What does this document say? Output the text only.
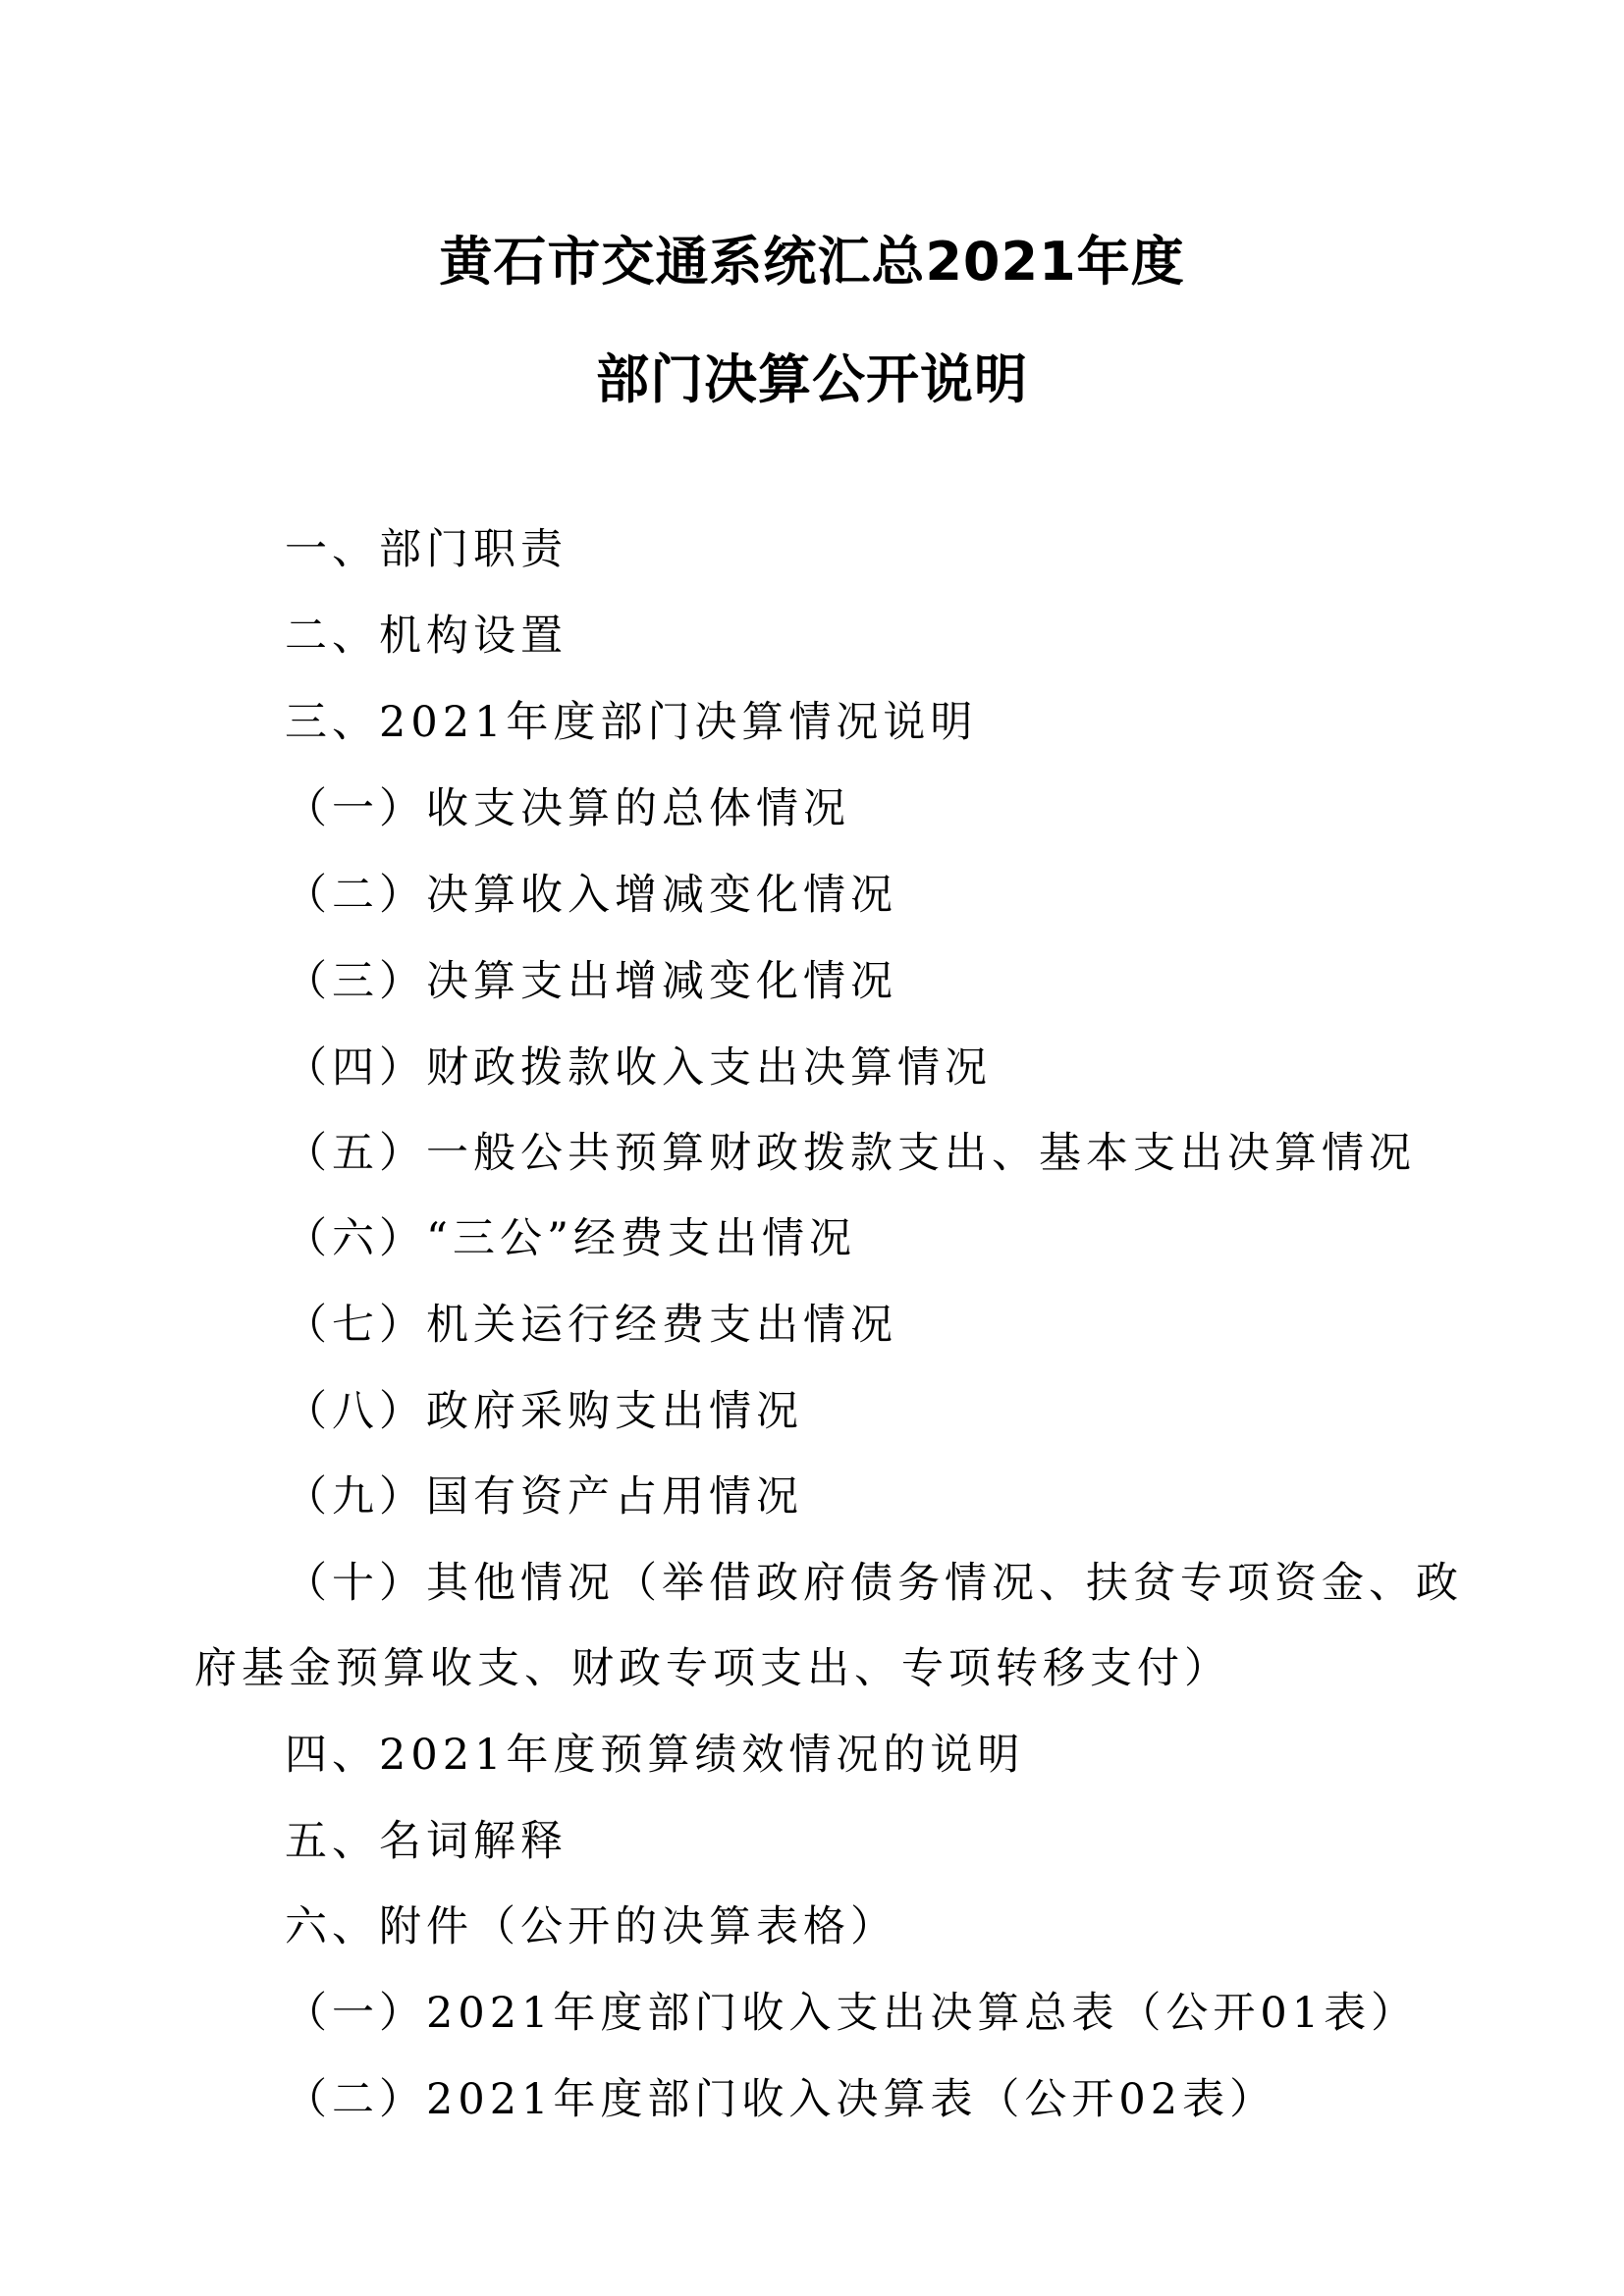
黄石市交通系统汇总2021年度
部门决算公开说明
一、部门职责
二、机构设置
三、2021年度部门决算情况说明
（一）收支决算的总体情况
（二）决算收入增减变化情况
（三）决算支出增减变化情况
（四）财政拨款收入支出决算情况
（五）一般公共预算财政拨款支出、基本支出决算情况
（六）“三公”经费支出情况
（七）机关运行经费支出情况
（八）政府采购支出情况
（九）国有资产占用情况
（十）其他情况（举借政府债务情况、扶贫专项资金、政
府基金预算收支、财政专项支出、专项转移支付）
四、2021年度预算绩效情况的说明
五、名词解释
六、附件（公开的决算表格）
（一）2021年度部门收入支出决算总表（公开01表）
（二）2021年度部门收入决算表（公开02表）
